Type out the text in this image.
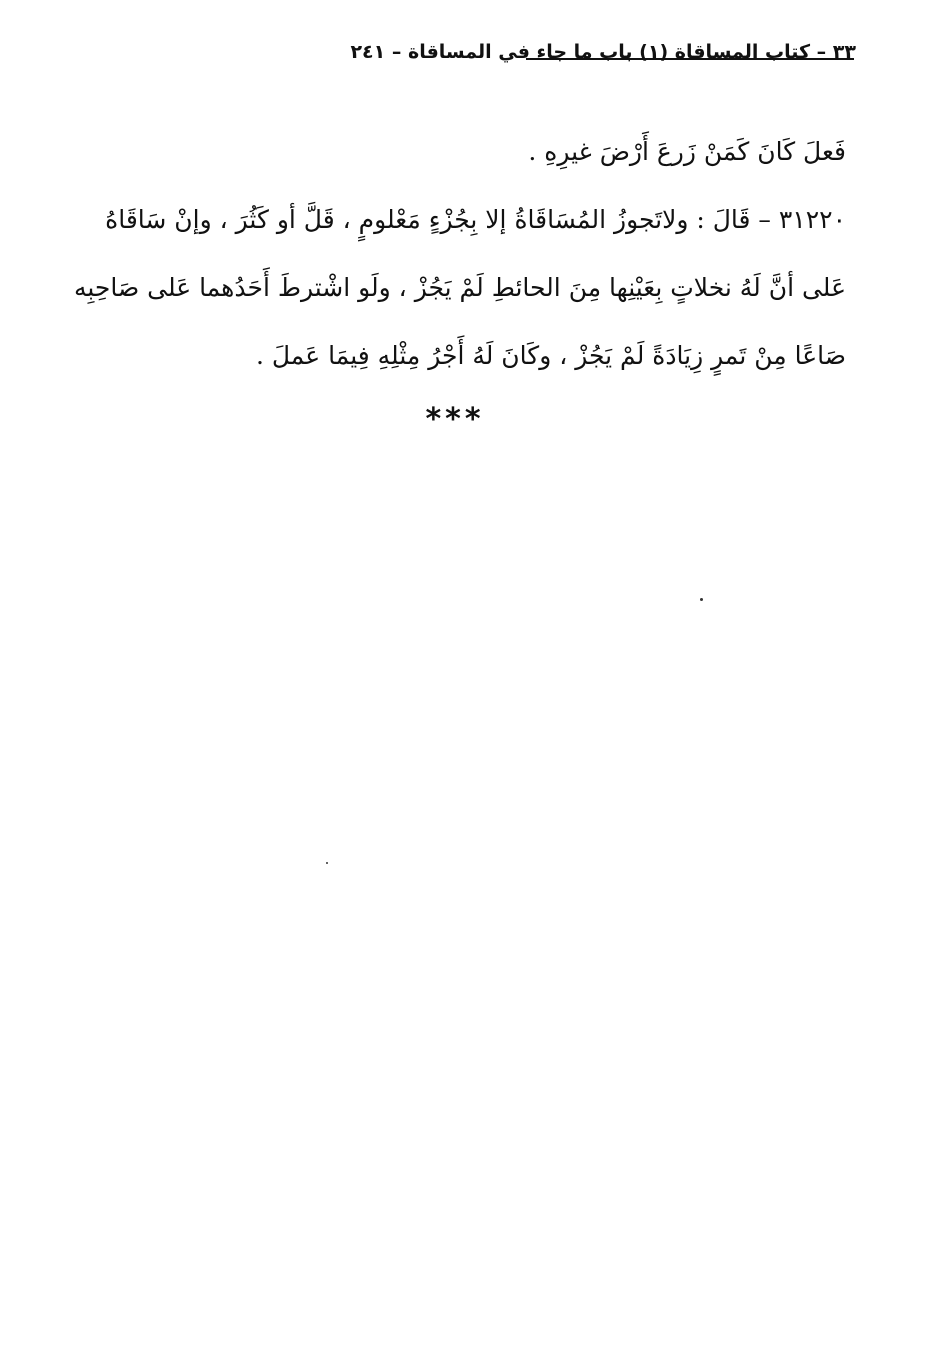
٣٣ – كتاب المساقاة (١) باب ما جاء في المساقاة – ٢٤١
فَعلَ كَانَ كَمَنْ زَرعَ أَرْضَ غيرِهِ .
٣١٢٢٠ – قَالَ : ولاتَجوزُ المُسَاقَاةُ إلا بِجُزْءٍ مَعْلومٍ ، قَلَّ أو كَثُرَ ، وإنْ سَاقَاهُ
عَلى أنَّ لَهُ نخلاتٍ بِعَيْنِها مِنَ الحائطِ لَمْ يَجُزْ ، ولَو اشْترطَ أَحَدُهما عَلى صَاحِبِه
صَاعًا مِنْ تَمرٍ زِيَادَةً لَمْ يَجُزْ ، وكَانَ لَهُ أَجْرُ مِثْلِهِ فِيمَا عَملَ .
***
